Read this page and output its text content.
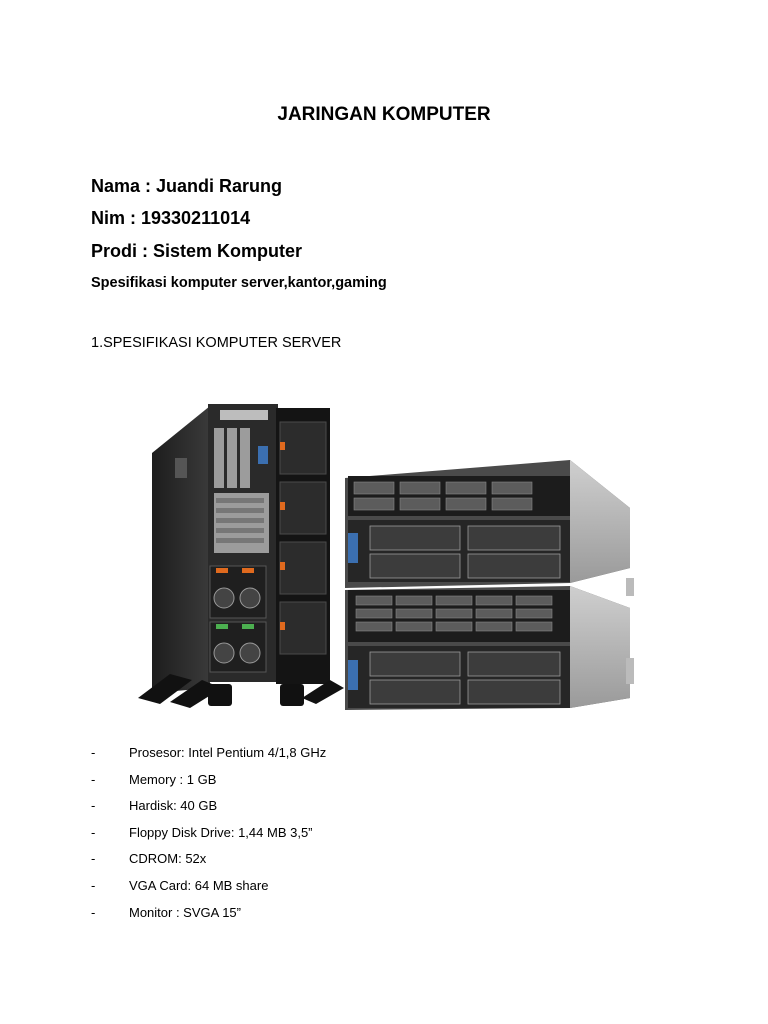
JARINGAN KOMPUTER
Nama : Juandi Rarung
Nim : 19330211014
Prodi : Sistem Komputer
Spesifikasi komputer server,kantor,gaming
1.SPESIFIKASI KOMPUTER SERVER
-	Prosesor: Intel Pentium 4/1,8 GHz
-	Memory : 1 GB
-	Hardisk: 40 GB
-	Floppy Disk Drive: 1,44 MB 3,5”
-	CDROM: 52x
-	VGA Card: 64 MB share
-	Monitor : SVGA 15”
